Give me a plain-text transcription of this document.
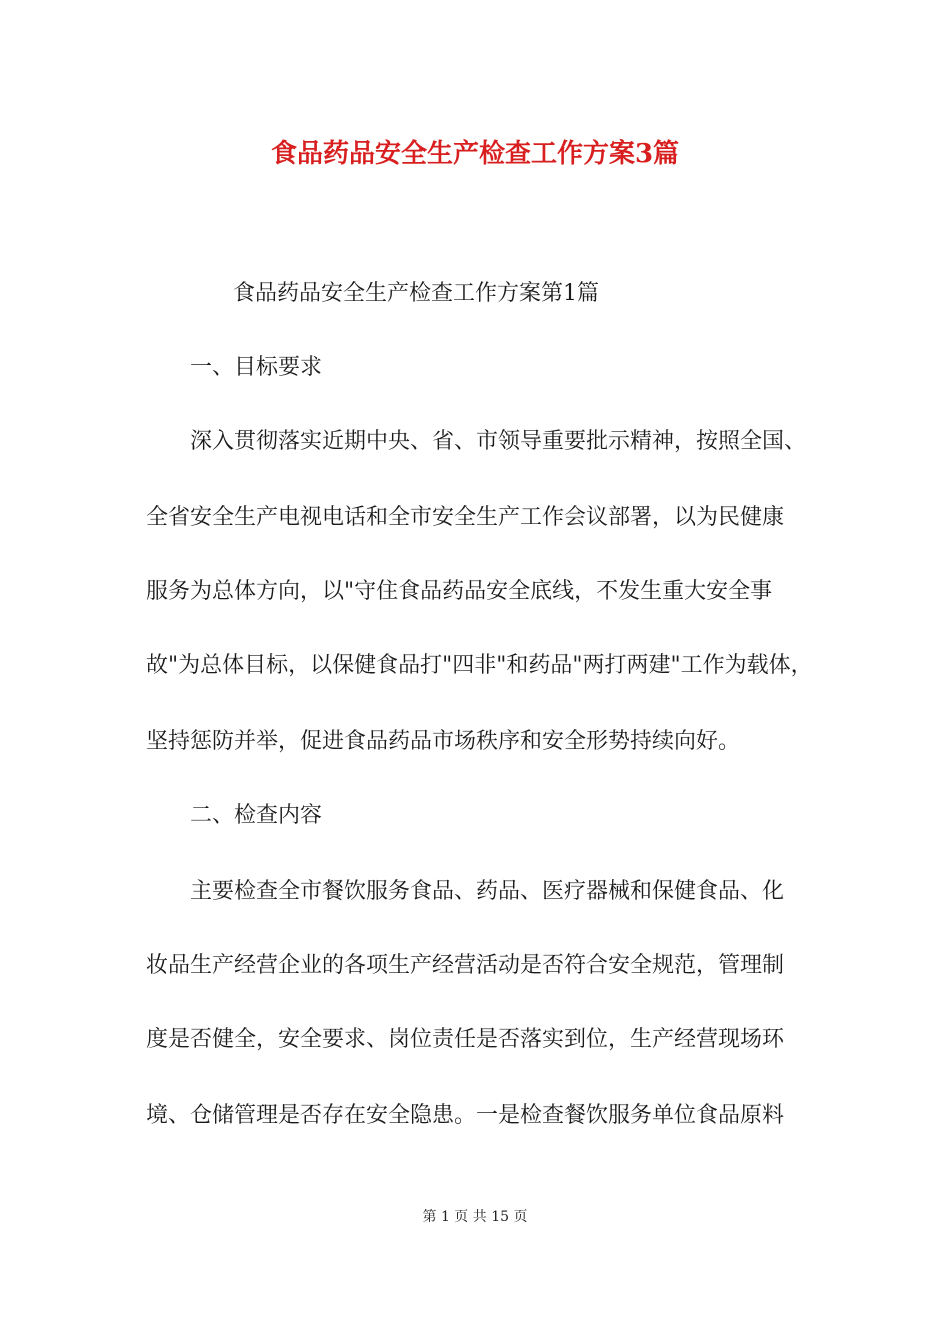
食品药品安全生产检查工作方案3篇
食品药品安全生产检查工作方案第1篇
一、目标要求
深入贯彻落实近期中央、省、市领导重要批示精神，按照全国、
全省安全生产电视电话和全市安全生产工作会议部署，以为民健康
服务为总体方向，以"守住食品药品安全底线，不发生重大安全事
故"为总体目标，以保健食品打"四非"和药品"两打两建"工作为载体，
坚持惩防并举，促进食品药品市场秩序和安全形势持续向好。
二、检查内容
主要检查全市餐饮服务食品、药品、医疗器械和保健食品、化
妆品生产经营企业的各项生产经营活动是否符合安全规范，管理制
度是否健全，安全要求、岗位责任是否落实到位，生产经营现场环
境、仓储管理是否存在安全隐患。一是检查餐饮服务单位食品原料
第 1 页 共 15 页
